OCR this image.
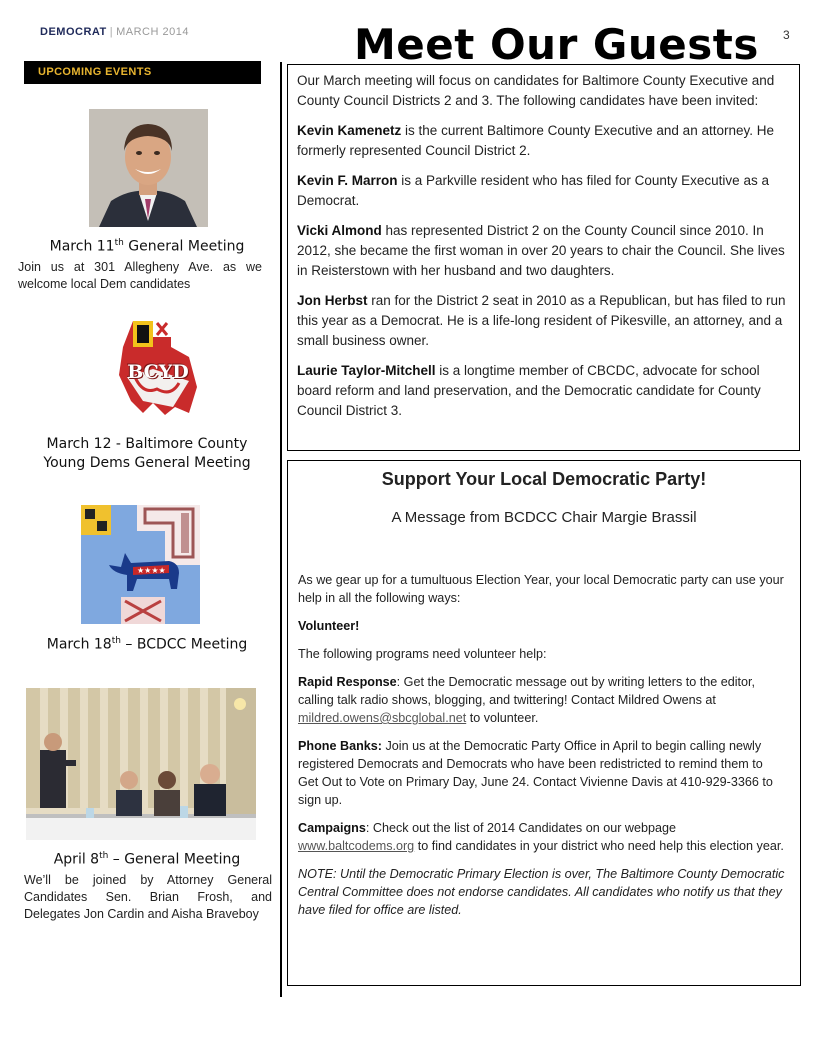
DEMOCRAT | MARCH 2014	Meet Our Guests 3
UPCOMING EVENTS
March 11th General Meeting
Join us at 301 Allegheny Ave. as we welcome local Dem candidates
BCYD
March 12 - Baltimore County
Young Dems General Meeting
★★★★
March 18th – BCDCC Meeting
April 8th – General Meeting
We’ll be joined by Attorney General Candidates Sen. Brian Frosh, and Delegates Jon Cardin and Aisha Braveboy
Our March meeting will focus on candidates for Baltimore County Executive and County Council Districts 2 and 3. The following candidates have been invited:
Kevin Kamenetz is the current Baltimore County Executive and an attorney. He formerly represented Council District 2.
Kevin F. Marron is a Parkville resident who has filed for County Executive as a Democrat.
Vicki Almond has represented District 2 on the County Council since 2010. In 2012, she became the first woman in over 20 years to chair the Council. She lives in Reisterstown with her husband and two daughters.
Jon Herbst ran for the District 2 seat in 2010 as a Republican, but has filed to run this year as a Democrat. He is a life-long resident of Pikesville, an attorney, and a small business owner.
Laurie Taylor-Mitchell is a longtime member of CBCDC, advocate for school board reform and land preservation, and the Democratic candidate for County Council District 3.
Support Your Local Democratic Party!
A Message from BCDCC Chair Margie Brassil
As we gear up for a tumultuous Election Year, your local Democratic party can use your help in all the following ways:
Volunteer!
The following programs need volunteer help:
Rapid Response: Get the Democratic message out by writing letters to the editor, calling talk radio shows, blogging, and twittering! Contact Mildred Owens at mildred.owens@sbcglobal.net to volunteer.
Phone Banks: Join us at the Democratic Party Office in April to begin calling newly registered Democrats and Democrats who have been redistricted to remind them to Get Out to Vote on Primary Day, June 24. Contact Vivienne Davis at 410-929-3366 to sign up.
Campaigns: Check out the list of 2014 Candidates on our webpage www.baltcodems.org to find candidates in your district who need help this election year.
NOTE: Until the Democratic Primary Election is over, The Baltimore County Democratic Central Committee does not endorse candidates. All candidates who notify us that they have filed for office are listed.
